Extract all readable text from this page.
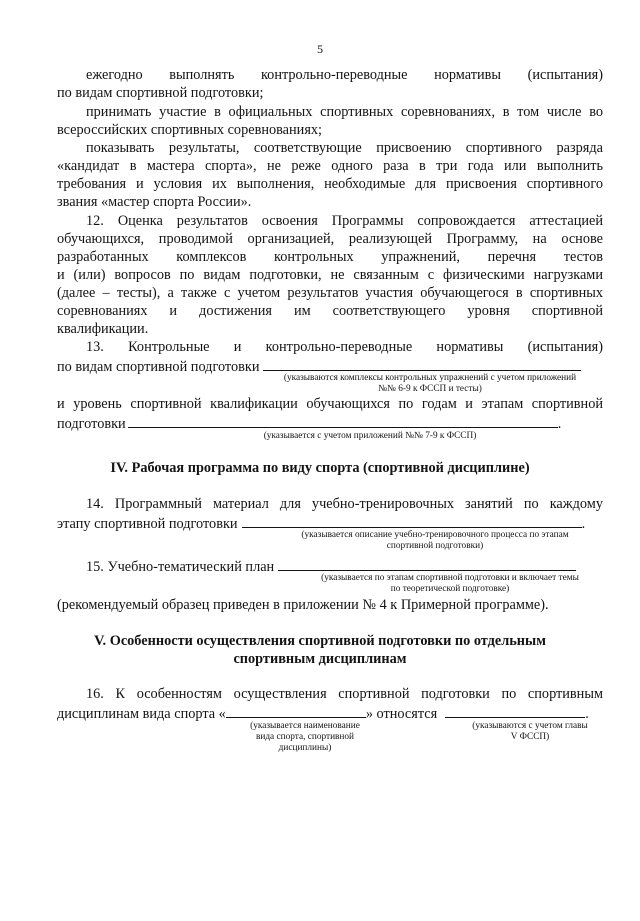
5
ежегодно выполнять контрольно-переводные нормативы (испытания)
по видам спортивной подготовки;
принимать участие в официальных спортивных соревнованиях, в том числе во
всероссийских спортивных соревнованиях;
показывать результаты, соответствующие присвоению спортивного разряда
«кандидат в мастера спорта», не реже одного раза в три года или выполнить
требования и условия их выполнения, необходимые для присвоения спортивного
звания «мастер спорта России».
12. Оценка результатов освоения Программы сопровождается аттестацией
обучающихся, проводимой организацией, реализующей Программу, на основе
разработанных комплексов контрольных упражнений, перечня тестов
и (или) вопросов по видам подготовки, не связанным с физическими нагрузками
(далее – тесты), а также с учетом результатов участия обучающегося в спортивных
соревнованиях и достижения им соответствующего уровня спортивной
квалификации.
13. Контрольные и контрольно-переводные нормативы (испытания)
по видам спортивной подготовки
(указываются комплексы контрольных упражнений с учетом приложений
№№ 6-9 к ФССП и тесты)
и уровень спортивной квалификации обучающихся по годам и этапам спортивной
подготовки	.
(указывается с учетом приложений №№ 7-9 к ФССП)
IV. Рабочая программа по виду спорта (спортивной дисциплине)
14. Программный материал для учебно-тренировочных занятий по каждому
этапу спортивной подготовки	.
(указывается описание учебно-тренировочного процесса по этапам
спортивной подготовки)
15. Учебно-тематический план
(указывается по этапам спортивной подготовки и включает темы
по теоретической подготовке)
(рекомендуемый образец приведен в приложении № 4 к Примерной программе).
V. Особенности осуществления спортивной подготовки по отдельным
спортивным дисциплинам
16. К особенностям осуществления спортивной подготовки по спортивным
дисциплинам вида спорта «	» относятся	.
(указывается наименование
вида спорта, спортивной
дисциплины)
(указываются с учетом главы
V ФССП)
